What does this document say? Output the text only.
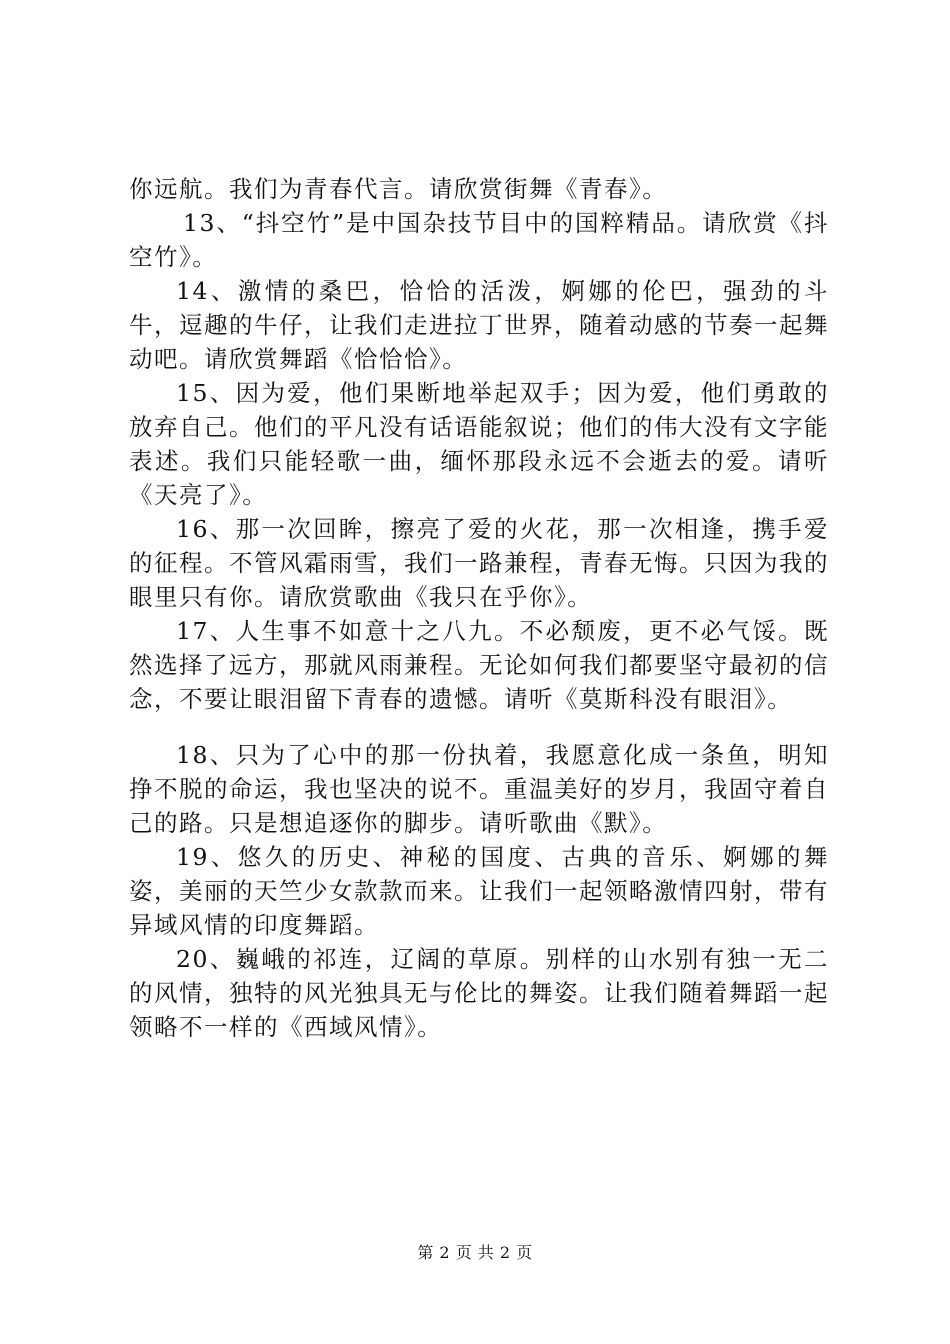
你远航。我们为青春代言。请欣赏街舞《青春》。

13、“抖空竹”是中国杂技节目中的国粹精品。请欣赏《抖空竹》。

14、激情的桑巴，恰恰的活泼，婀娜的伦巴，强劲的斗牛，逗趣的牛仔，让我们走进拉丁世界，随着动感的节奏一起舞动吧。请欣赏舞蹈《恰恰恰》。

15、因为爱，他们果断地举起双手；因为爱，他们勇敢的放弃自己。他们的平凡没有话语能叙说；他们的伟大没有文字能表述。我们只能轻歌一曲，缅怀那段永远不会逝去的爱。请听《天亮了》。

16、那一次回眸，擦亮了爱的火花，那一次相逢，携手爱的征程。不管风霜雨雪，我们一路兼程，青春无悔。只因为我的眼里只有你。请欣赏歌曲《我只在乎你》。

17、人生事不如意十之八九。不必颓废，更不必气馁。既然选择了远方，那就风雨兼程。无论如何我们都要坚守最初的信念，不要让眼泪留下青春的遗憾。请听《莫斯科没有眼泪》。

18、只为了心中的那一份执着，我愿意化成一条鱼，明知挣不脱的命运，我也坚决的说不。重温美好的岁月，我固守着自己的路。只是想追逐你的脚步。请听歌曲《默》。

19、悠久的历史、神秘的国度、古典的音乐、婀娜的舞姿，美丽的天竺少女款款而来。让我们一起领略激情四射，带有异域风情的印度舞蹈。

20、巍峨的祁连，辽阔的草原。别样的山水别有独一无二的风情，独特的风光独具无与伦比的舞姿。让我们随着舞蹈一起领略不一样的《西域风情》。

第 2 页 共 2 页
